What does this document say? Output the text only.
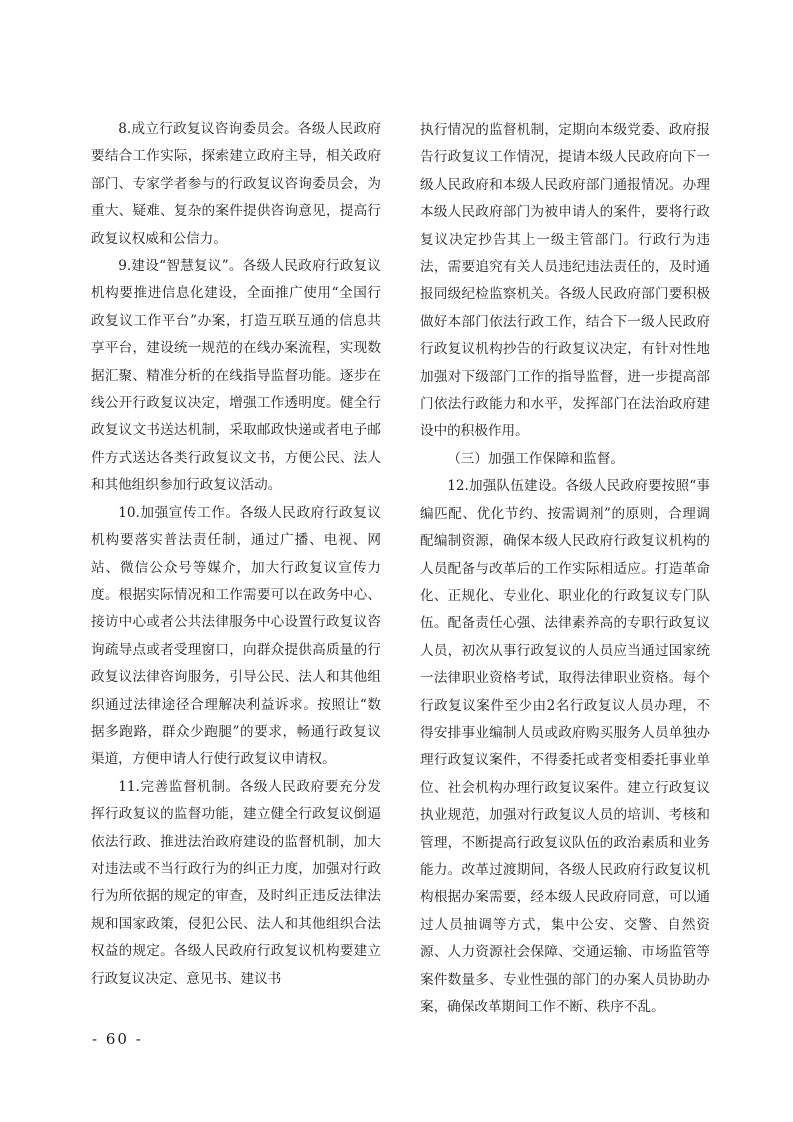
8.成立行政复议咨询委员会。各级人民政府要结合工作实际，探索建立政府主导，相关政府部门、专家学者参与的行政复议咨询委员会，为重大、疑难、复杂的案件提供咨询意见，提高行政复议权威和公信力。

9.建设“智慧复议”。各级人民政府行政复议机构要推进信息化建设，全面推广使用“全国行政复议工作平台”办案，打造互联互通的信息共享平台，建设统一规范的在线办案流程，实现数据汇聚、精准分析的在线指导监督功能。逐步在线公开行政复议决定，增强工作透明度。健全行政复议文书送达机制，采取邮政快递或者电子邮件方式送达各类行政复议文书，方便公民、法人和其他组织参加行政复议活动。

10.加强宣传工作。各级人民政府行政复议机构要落实普法责任制，通过广播、电视、网站、微信公众号等媒介，加大行政复议宣传力度。根据实际情况和工作需要可以在政务中心、接访中心或者公共法律服务中心设置行政复议咨询疏导点或者受理窗口，向群众提供高质量的行政复议法律咨询服务，引导公民、法人和其他组织通过法律途径合理解决利益诉求。按照让“数据多跑路，群众少跑腿”的要求，畅通行政复议渠道，方便申请人行使行政复议申请权。

11.完善监督机制。各级人民政府要充分发挥行政复议的监督功能，建立健全行政复议倒逼依法行政、推进法治政府建设的监督机制，加大对违法或不当行政行为的纠正力度，加强对行政行为所依据的规定的审查，及时纠正违反法律法规和国家政策，侵犯公民、法人和其他组织合法权益的规定。各级人民政府行政复议机构要建立行政复议决定、意见书、建议书

执行情况的监督机制，定期向本级党委、政府报告行政复议工作情况，提请本级人民政府向下一级人民政府和本级人民政府部门通报情况。办理本级人民政府部门为被申请人的案件，要将行政复议决定抄告其上一级主管部门。行政行为违法，需要追究有关人员违纪违法责任的，及时通报同级纪检监察机关。各级人民政府部门要积极做好本部门依法行政工作，结合下一级人民政府行政复议机构抄告的行政复议决定，有针对性地加强对下级部门工作的指导监督，进一步提高部门依法行政能力和水平，发挥部门在法治政府建设中的积极作用。

（三）加强工作保障和监督。

12.加强队伍建设。各级人民政府要按照“事编匹配、优化节约、按需调剂”的原则，合理调配编制资源，确保本级人民政府行政复议机构的人员配备与改革后的工作实际相适应。打造革命化、正规化、专业化、职业化的行政复议专门队伍。配备责任心强、法律素养高的专职行政复议人员，初次从事行政复议的人员应当通过国家统一法律职业资格考试，取得法律职业资格。每个行政复议案件至少由2名行政复议人员办理，不得安排事业编制人员或政府购买服务人员单独办理行政复议案件，不得委托或者变相委托事业单位、社会机构办理行政复议案件。建立行政复议执业规范，加强对行政复议人员的培训、考核和管理，不断提高行政复议队伍的政治素质和业务能力。改革过渡期间，各级人民政府行政复议机构根据办案需要，经本级人民政府同意，可以通过人员抽调等方式，集中公安、交警、自然资源、人力资源社会保障、交通运输、市场监管等案件数量多、专业性强的部门的办案人员协助办案，确保改革期间工作不断、秩序不乱。

- 60 -
